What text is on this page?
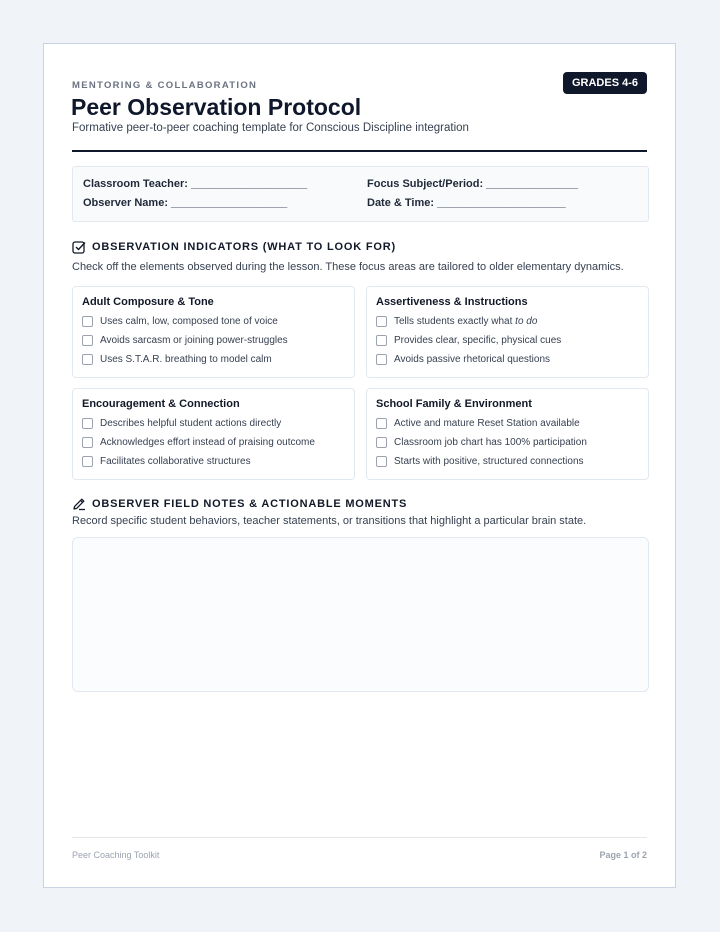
MENTORING & COLLABORATION	GRADES 4-6
Peer Observation Protocol
Formative peer-to-peer coaching template for Conscious Discipline integration
Classroom Teacher: ___________________	Focus Subject/Period: _______________
Observer Name: ___________________	Date & Time: _____________________
OBSERVATION INDICATORS (WHAT TO LOOK FOR)
Check off the elements observed during the lesson. These focus areas are tailored to older elementary dynamics.
Adult Composure & Tone
Uses calm, low, composed tone of voice
Avoids sarcasm or joining power-struggles
Uses S.T.A.R. breathing to model calm
Assertiveness & Instructions
Tells students exactly what to do
Provides clear, specific, physical cues
Avoids passive rhetorical questions
Encouragement & Connection
Describes helpful student actions directly
Acknowledges effort instead of praising outcome
Facilitates collaborative structures
School Family & Environment
Active and mature Reset Station available
Classroom job chart has 100% participation
Starts with positive, structured connections
OBSERVER FIELD NOTES & ACTIONABLE MOMENTS
Record specific student behaviors, teacher statements, or transitions that highlight a particular brain state.
Peer Coaching Toolkit	Page 1 of 2
